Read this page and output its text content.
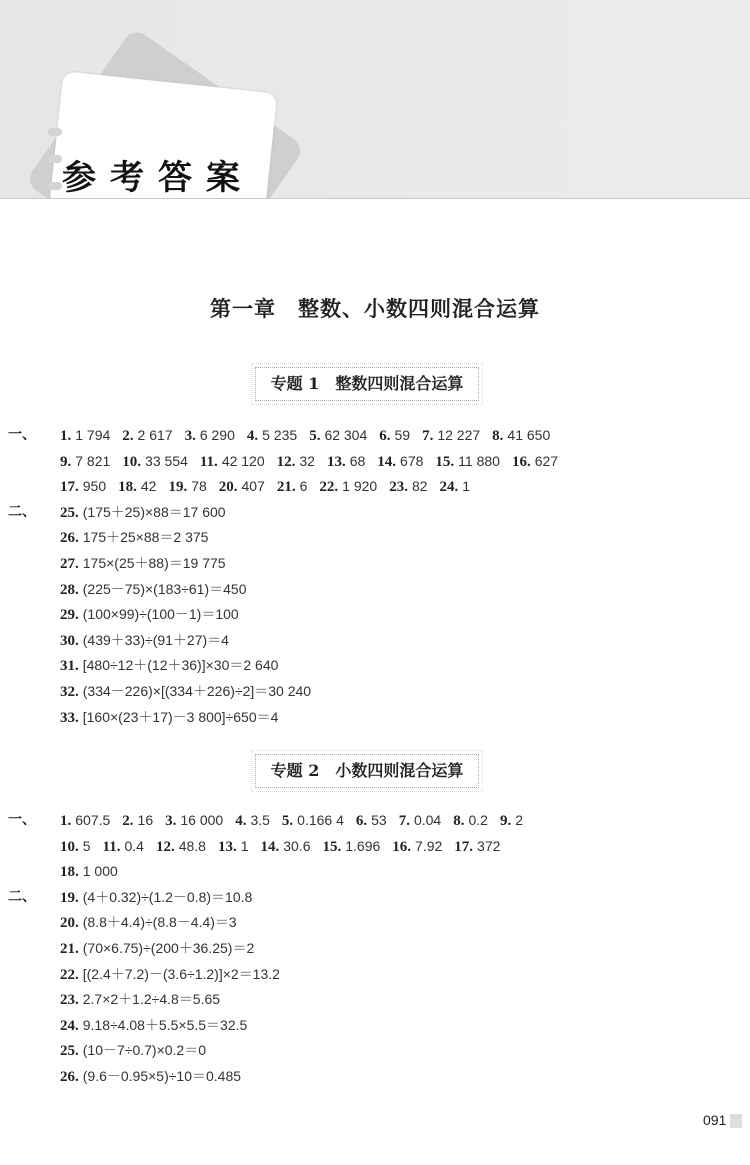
参考答案
第一章　整数、小数四则混合运算
专题 1　整数四则混合运算
一、 1. 1 794 2. 2 617 3. 6 290 4. 5 235 5. 62 304 6. 59 7. 12 227 8. 41 650
9. 7 821 10. 33 554 11. 42 120 12. 32 13. 68 14. 678 15. 11 880 16. 627
17. 950 18. 42 19. 78 20. 407 21. 6 22. 1 920 23. 82 24. 1
二、 25. (175＋25)×88＝17 600
26. 175＋25×88＝2 375
27. 175×(25＋88)＝19 775
28. (225－75)×(183÷61)＝450
29. (100×99)÷(100－1)＝100
30. (439＋33)÷(91＋27)＝4
31. [480÷12＋(12＋36)]×30＝2 640
32. (334－226)×[(334＋226)÷2]＝30 240
33. [160×(23＋17)－3 800]÷650＝4
专题 2　小数四则混合运算
一、 1. 607.5 2. 16 3. 16 000 4. 3.5 5. 0.166 4 6. 53 7. 0.04 8. 0.2 9. 2
10. 5 11. 0.4 12. 48.8 13. 1 14. 30.6 15. 1.696 16. 7.92 17. 372
18. 1 000
二、 19. (4＋0.32)÷(1.2－0.8)＝10.8
20. (8.8＋4.4)÷(8.8－4.4)＝3
21. (70×6.75)÷(200＋36.25)＝2
22. [(2.4＋7.2)－(3.6÷1.2)]×2＝13.2
23. 2.7×2＋1.2÷4.8＝5.65
24. 9.18÷4.08＋5.5×5.5＝32.5
25. (10－7÷0.7)×0.2＝0
26. (9.6－0.95×5)÷10＝0.485
091
